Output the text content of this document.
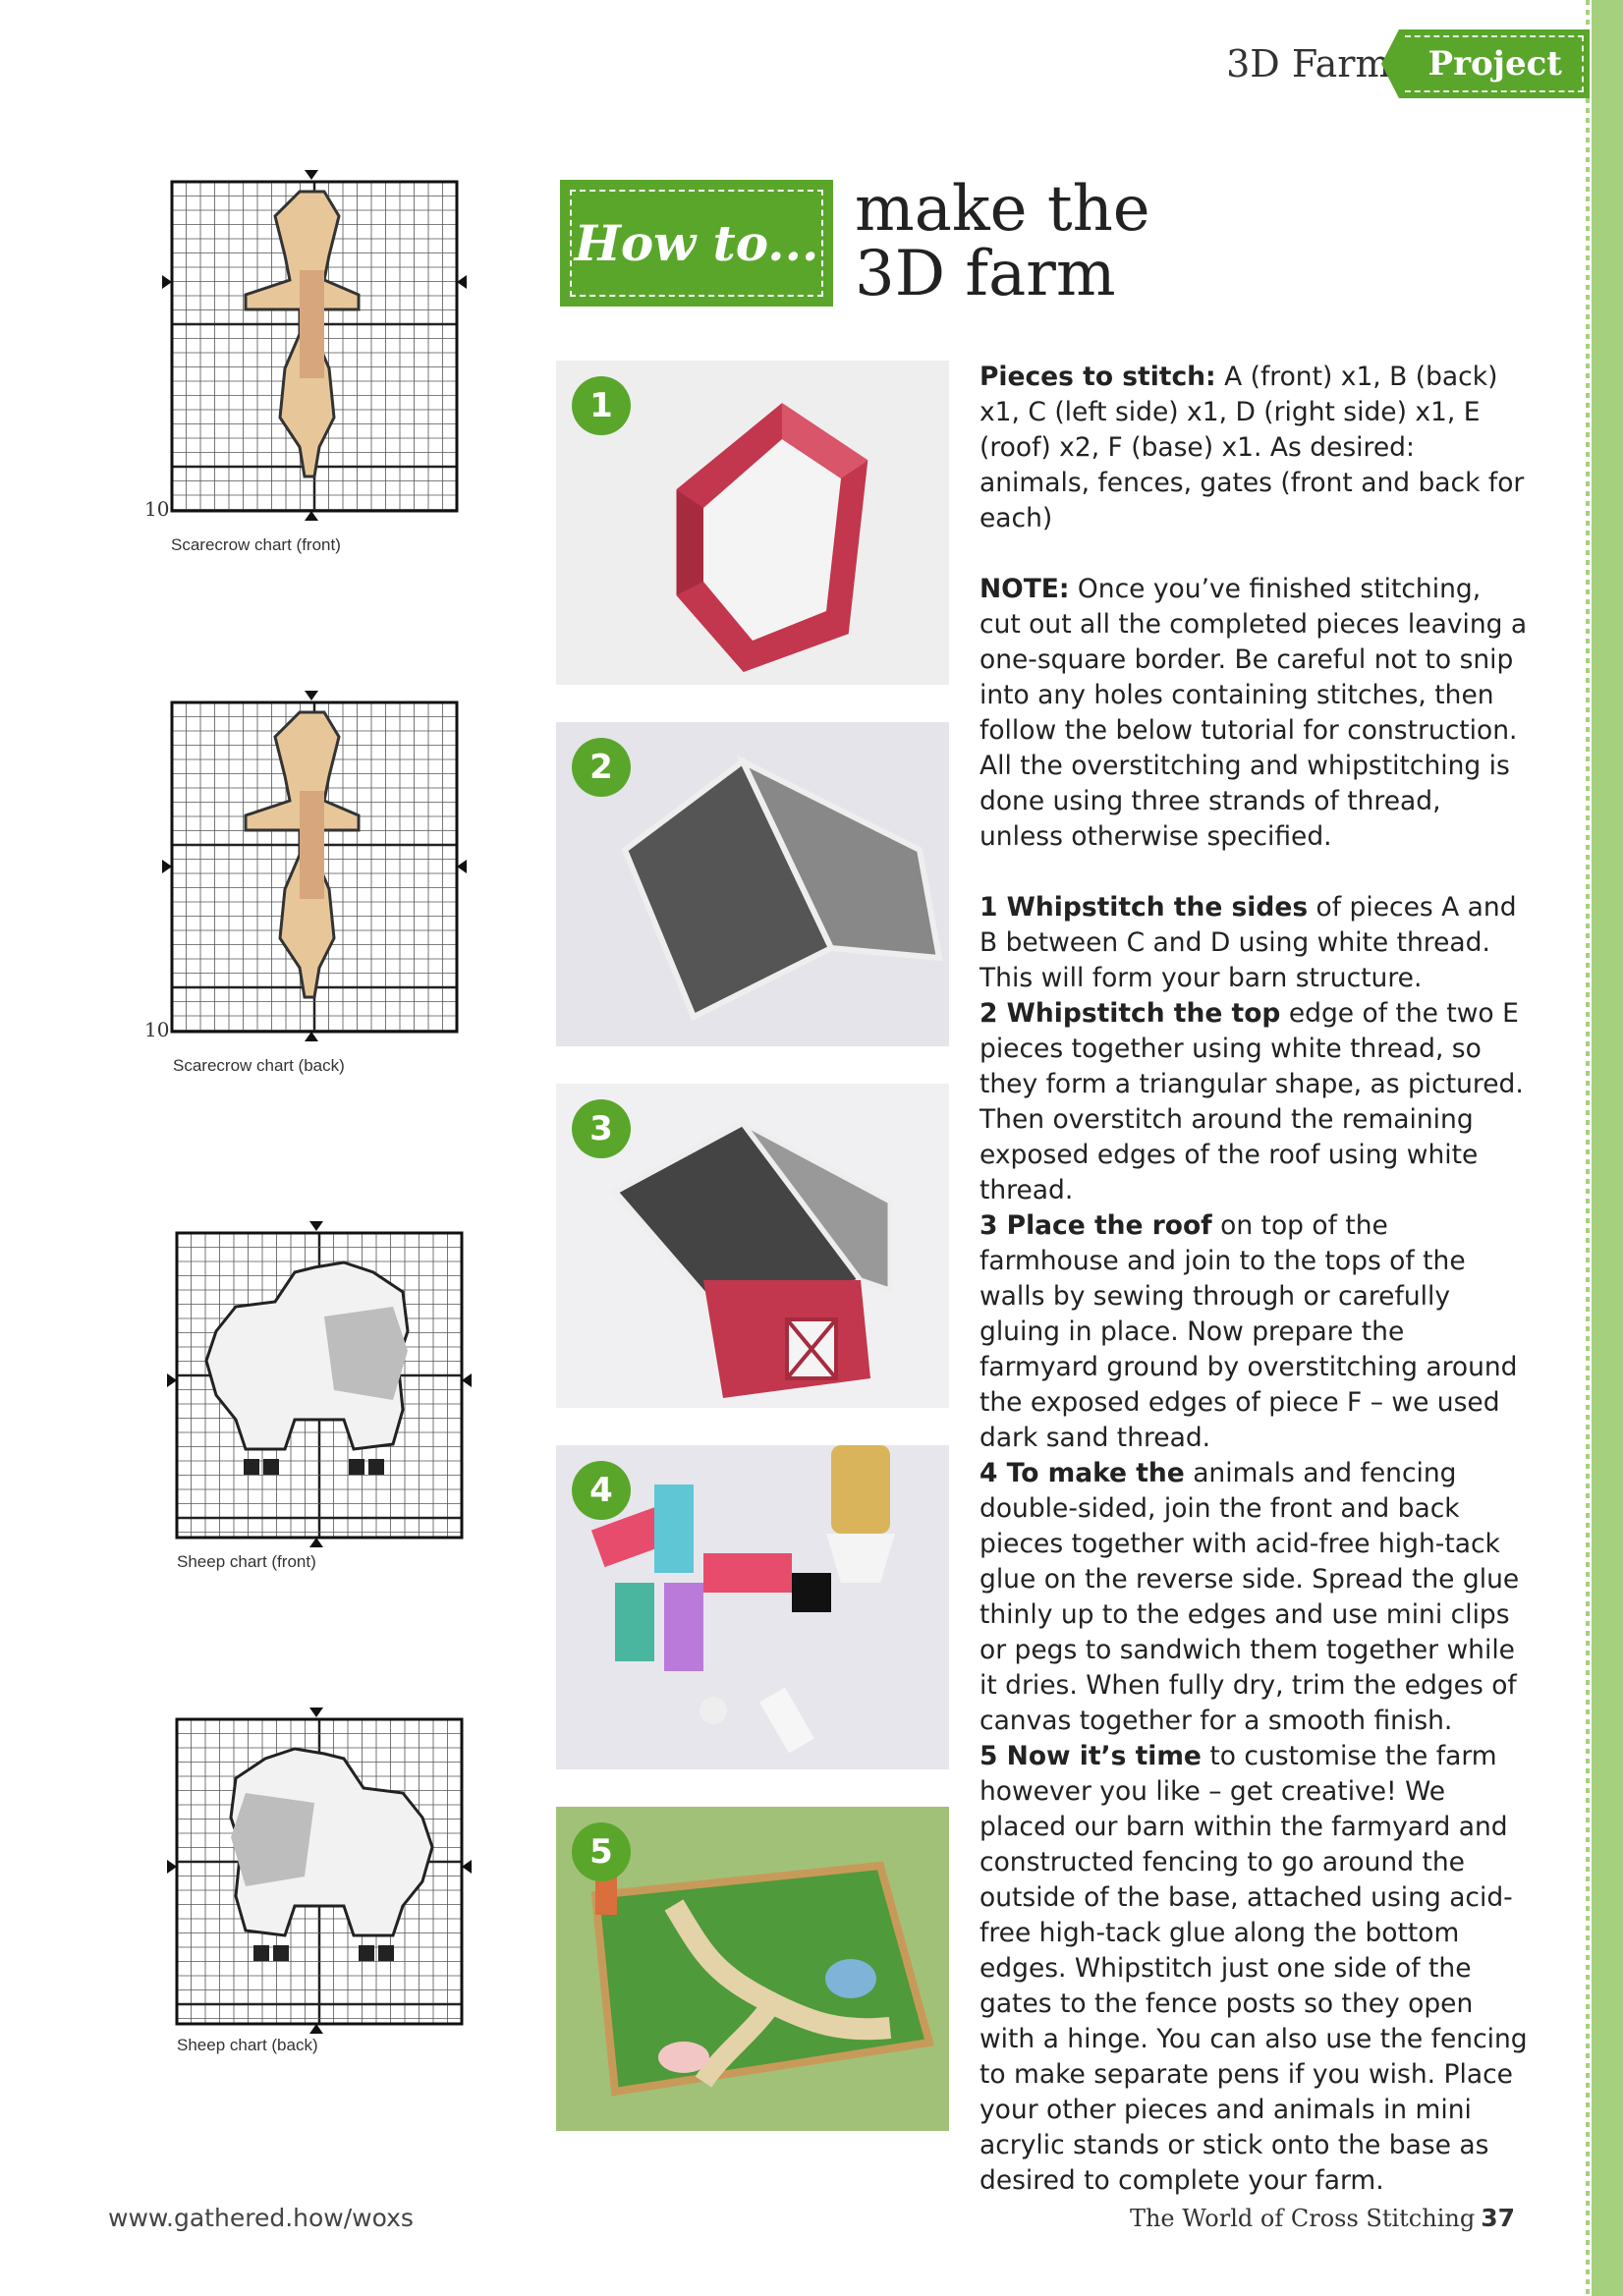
3D Farm	Project
How to... make the
3D farm
10
Scarecrow chart (front)
10
Scarecrow chart (back)
Sheep chart (front)
Sheep chart (back)
1
2
3
4
5

Pieces to stitch: A (front) x1, B (back) x1, C (left side) x1, D (right side) x1, E (roof) x2, F (base) x1. As desired: animals, fences, gates (front and back for each)

NOTE: Once you’ve finished stitching, cut out all the completed pieces leaving a one-square border. Be careful not to snip into any holes containing stitches, then follow the below tutorial for construction. All the overstitching and whipstitching is done using three strands of thread, unless otherwise specified.

1 Whipstitch the sides of pieces A and B between C and D using white thread. This will form your barn structure.

2 Whipstitch the top edge of the two E pieces together using white thread, so they form a triangular shape, as pictured. Then overstitch around the remaining exposed edges of the roof using white thread.

3 Place the roof on top of the farmhouse and join to the tops of the walls by sewing through or carefully gluing in place. Now prepare the farmyard ground by overstitching around the exposed edges of piece F – we used dark sand thread.

4 To make the animals and fencing double-sided, join the front and back pieces together with acid-free high-tack glue on the reverse side. Spread the glue thinly up to the edges and use mini clips or pegs to sandwich them together while it dries. When fully dry, trim the edges of canvas together for a smooth finish.

5 Now it’s time to customise the farm however you like – get creative! We placed our barn within the farmyard and constructed fencing to go around the outside of the base, attached using acid-free high-tack glue along the bottom edges. Whipstitch just one side of the gates to the fence posts so they open with a hinge. You can also use the fencing to make separate pens if you wish. Place your other pieces and animals in mini acrylic stands or stick onto the base as desired to complete your farm.

www.gathered.how/woxs	The World of Cross Stitching 37
